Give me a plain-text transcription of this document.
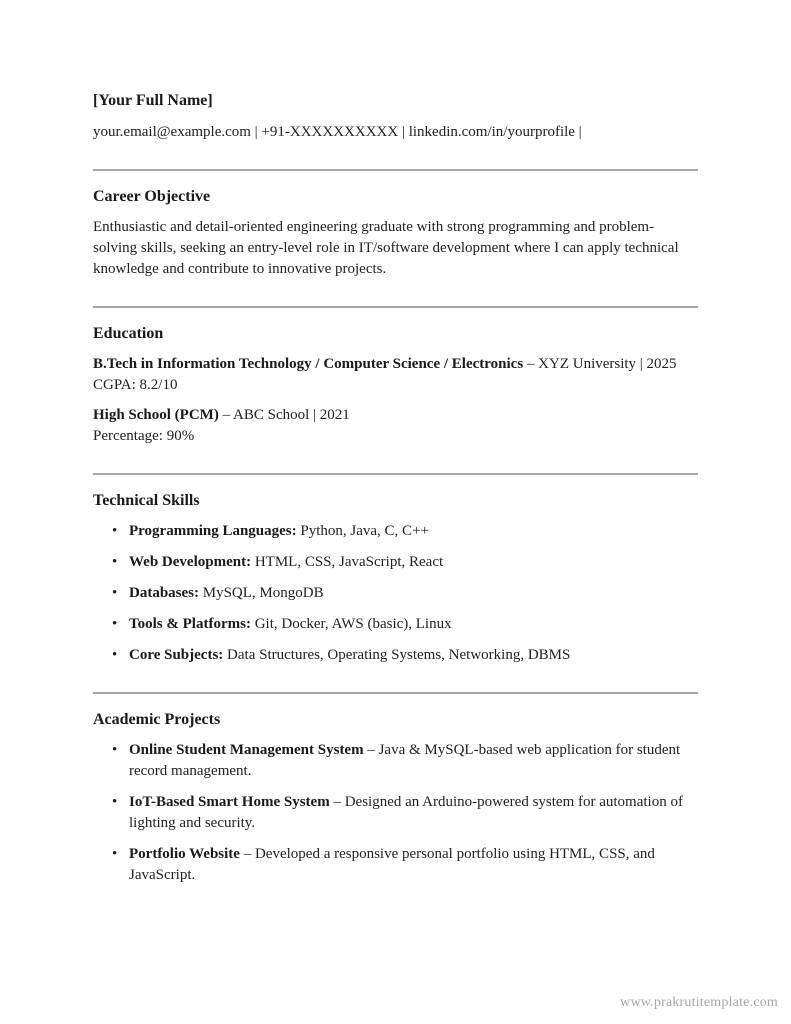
[Your Full Name]

your.email@example.com | +91-XXXXXXXXXX | linkedin.com/in/yourprofile |

Career Objective

Enthusiastic and detail-oriented engineering graduate with strong programming and problem-solving skills, seeking an entry-level role in IT/software development where I can apply technical knowledge and contribute to innovative projects.

Education

B.Tech in Information Technology / Computer Science / Electronics – XYZ University | 2025
CGPA: 8.2/10

High School (PCM) – ABC School | 2021
Percentage: 90%

Technical Skills
• Programming Languages: Python, Java, C, C++
• Web Development: HTML, CSS, JavaScript, React
• Databases: MySQL, MongoDB
• Tools & Platforms: Git, Docker, AWS (basic), Linux
• Core Subjects: Data Structures, Operating Systems, Networking, DBMS
Academic Projects
• Online Student Management System – Java & MySQL-based web application for student record management.
• IoT-Based Smart Home System – Designed an Arduino-powered system for automation of lighting and security.
• Portfolio Website – Developed a responsive personal portfolio using HTML, CSS, and JavaScript.
www.prakrutitemplate.com
